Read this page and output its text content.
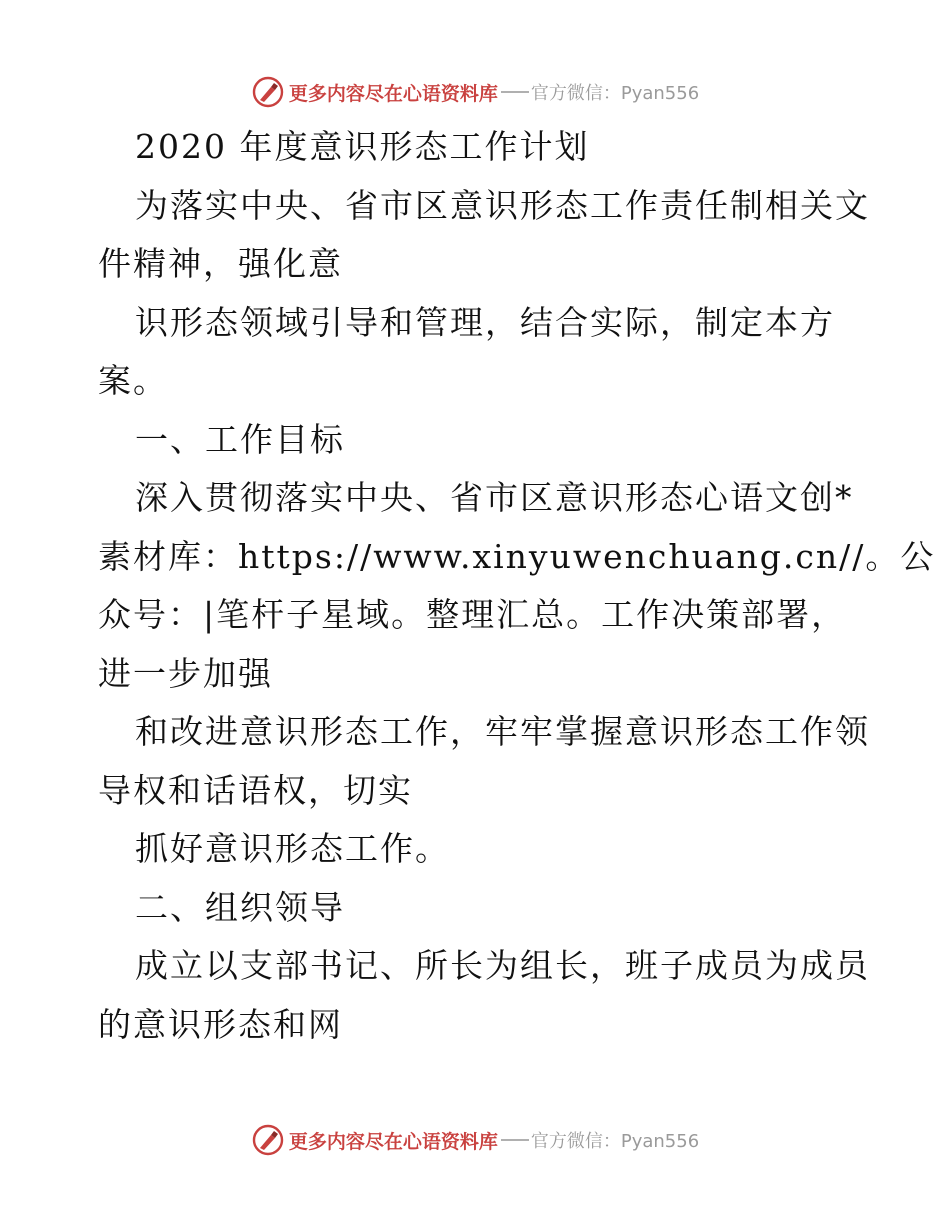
更多内容尽在心语资料库 官方微信：Pyan556
2020 年度意识形态工作计划
为落实中央、省市区意识形态工作责任制相关文
件精神，强化意
识形态领域引导和管理，结合实际，制定本方
案。
一、工作目标
深入贯彻落实中央、省市区意识形态心语文创*
素材库：https://www.xinyuwenchuang.cn//。公
众号：|笔杆子星域。整理汇总。工作决策部署，
进一步加强
和改进意识形态工作，牢牢掌握意识形态工作领
导权和话语权，切实
抓好意识形态工作。
二、组织领导
成立以支部书记、所长为组长，班子成员为成员
的意识形态和网
更多内容尽在心语资料库 官方微信：Pyan556
